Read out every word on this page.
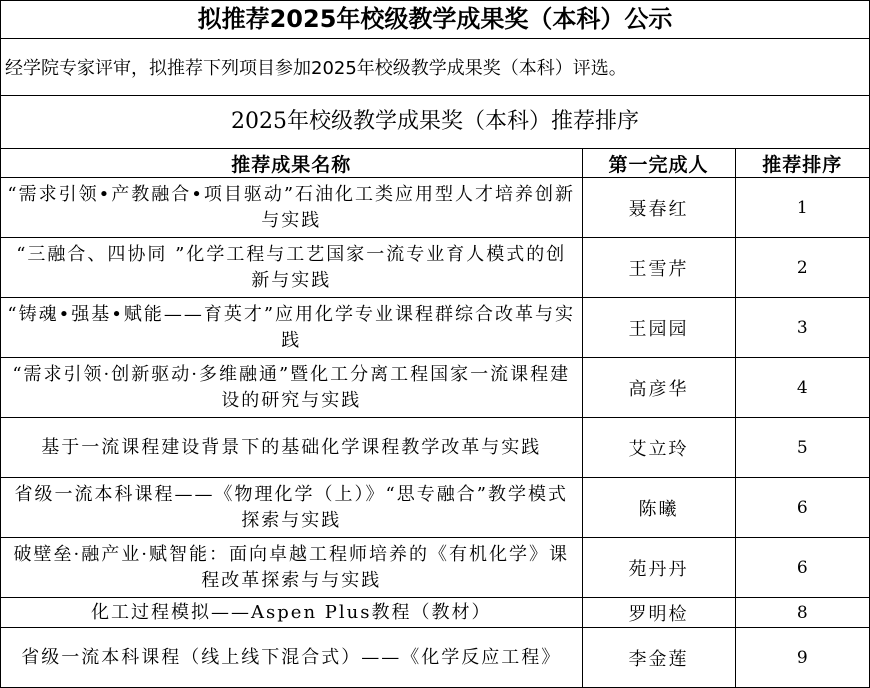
拟推荐2025年校级教学成果奖（本科）公示
经学院专家评审，拟推荐下列项目参加2025年校级教学成果奖（本科）评选。
2025年校级教学成果奖（本科）推荐排序
推荐成果名称	第一完成人	推荐排序
“需求引领•产教融合•项目驱动”石油化工类应用型人才培养创新与实践	聂春红	1
“三融合、四协同 ”化学工程与工艺国家一流专业育人模式的创新与实践	王雪芹	2
“铸魂•强基•赋能——育英才”应用化学专业课程群综合改革与实践	王园园	3
“需求引领·创新驱动·多维融通”暨化工分离工程国家一流课程建设的研究与实践	高彦华	4
基于一流课程建设背景下的基础化学课程教学改革与实践	艾立玲	5
省级一流本科课程——《物理化学（上）》“思专融合”教学模式探索与实践	陈曦	6
破壁垒·融产业·赋智能：面向卓越工程师培养的《有机化学》课程改革探索与与实践	苑丹丹	6
化工过程模拟——Aspen Plus教程（教材）	罗明检	8
省级一流本科课程（线上线下混合式）——《化学反应工程》	李金莲	9
